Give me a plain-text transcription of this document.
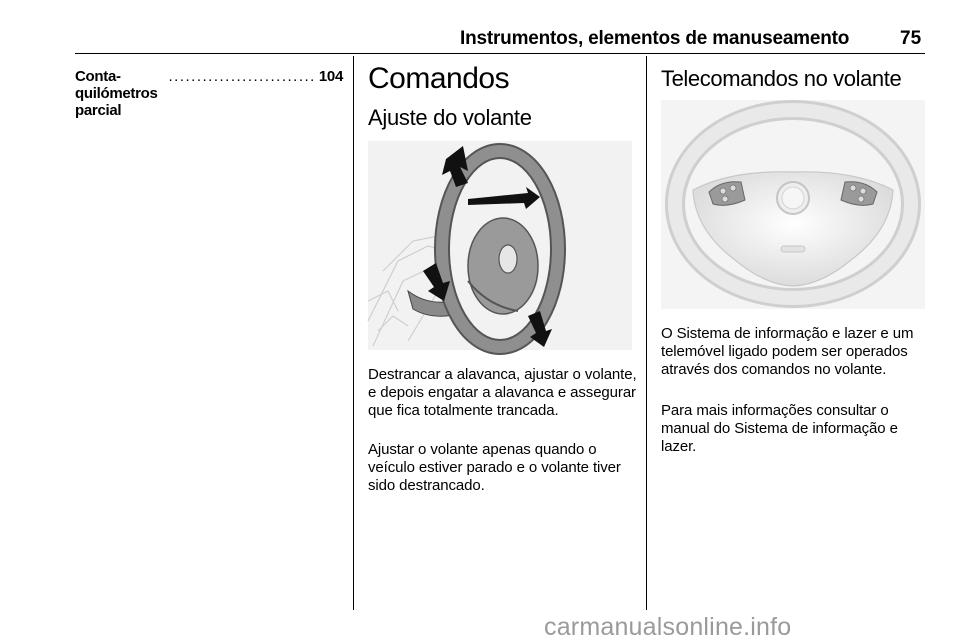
Instrumentos, elementos de manuseamento	75
Conta-quilómetros parcial
.......................... 104 Comandos
Ajuste do volante
Destrancar a alavanca, ajustar o volante, e depois engatar a alavanca e assegurar que fica totalmente trancada.
Ajustar o volante apenas quando o veículo estiver parado e o volante tiver sido destrancado.
Telecomandos no volante
O Sistema de informação e lazer e um telemóvel ligado podem ser operados através dos comandos no volante.
Para mais informações consultar o manual do Sistema de informação e lazer.
carmanualsonline.info
